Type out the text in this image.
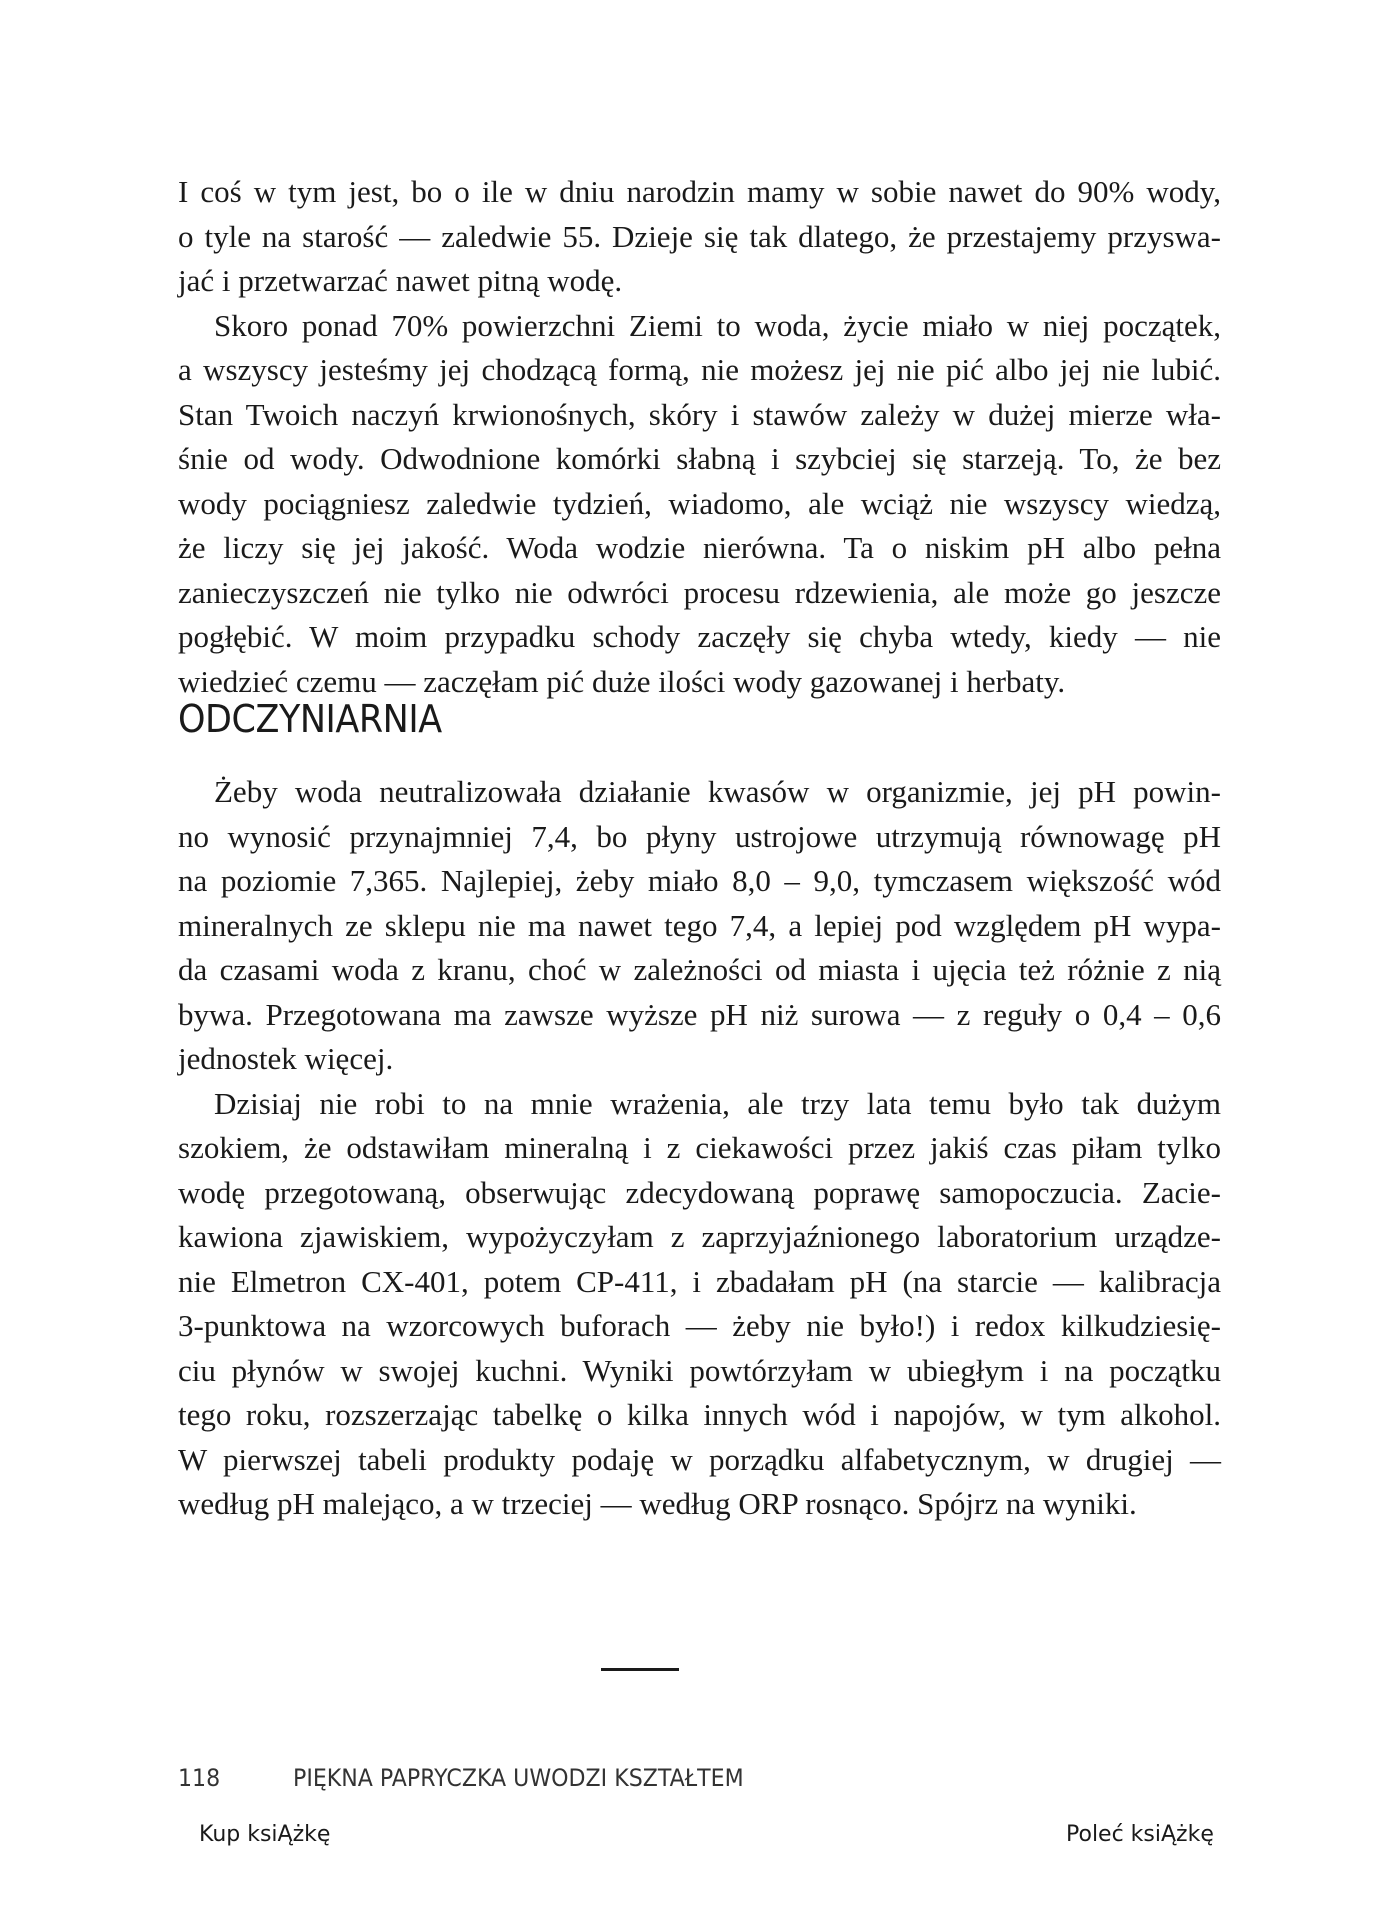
I coś w tym jest, bo o ile w dniu narodzin mamy w sobie nawet do 90% wody,
o tyle na starość — zaledwie 55. Dzieje się tak dlatego, że przestajemy przyswa-
jać i przetwarzać nawet pitną wodę.

Skoro ponad 70% powierzchni Ziemi to woda, życie miało w niej początek,
a wszyscy jesteśmy jej chodzącą formą, nie możesz jej nie pić albo jej nie lubić.
Stan Twoich naczyń krwionośnych, skóry i stawów zależy w dużej mierze wła-
śnie od wody. Odwodnione komórki słabną i szybciej się starzeją. To, że bez
wody pociągniesz zaledwie tydzień, wiadomo, ale wciąż nie wszyscy wiedzą,
że liczy się jej jakość. Woda wodzie nierówna. Ta o niskim pH albo pełna
zanieczyszczeń nie tylko nie odwróci procesu rdzewienia, ale może go jeszcze
pogłębić. W moim przypadku schody zaczęły się chyba wtedy, kiedy — nie
wiedzieć czemu — zaczęłam pić duże ilości wody gazowanej i herbaty.

ODCZYNIARNIA

Żeby woda neutralizowała działanie kwasów w organizmie, jej pH powin-
no wynosić przynajmniej 7,4, bo płyny ustrojowe utrzymują równowagę pH
na poziomie 7,365. Najlepiej, żeby miało 8,0 – 9,0, tymczasem większość wód
mineralnych ze sklepu nie ma nawet tego 7,4, a lepiej pod względem pH wypa-
da czasami woda z kranu, choć w zależności od miasta i ujęcia też różnie z nią
bywa. Przegotowana ma zawsze wyższe pH niż surowa — z reguły o 0,4 – 0,6
jednostek więcej.

Dzisiaj nie robi to na mnie wrażenia, ale trzy lata temu było tak dużym
szokiem, że odstawiłam mineralną i z ciekawości przez jakiś czas piłam tylko
wodę przegotowaną, obserwując zdecydowaną poprawę samopoczucia. Zacie-
kawiona zjawiskiem, wypożyczyłam z zaprzyjaźnionego laboratorium urządze-
nie Elmetron CX-401, potem CP-411, i zbadałam pH (na starcie — kalibracja
3-punktowa na wzorcowych buforach — żeby nie było!) i redox kilkudziesię-
ciu płynów w swojej kuchni. Wyniki powtórzyłam w ubiegłym i na początku
tego roku, rozszerzając tabelkę o kilka innych wód i napojów, w tym alkohol.
W pierwszej tabeli produkty podaję w porządku alfabetycznym, w drugiej —
według pH malejąco, a w trzeciej — według ORP rosnąco. Spójrz na wyniki.

118	PIĘKNA PAPRYCZKA UWODZI KSZTAŁTEM
Kup ksiĄżkę	Poleć ksiĄżkę
